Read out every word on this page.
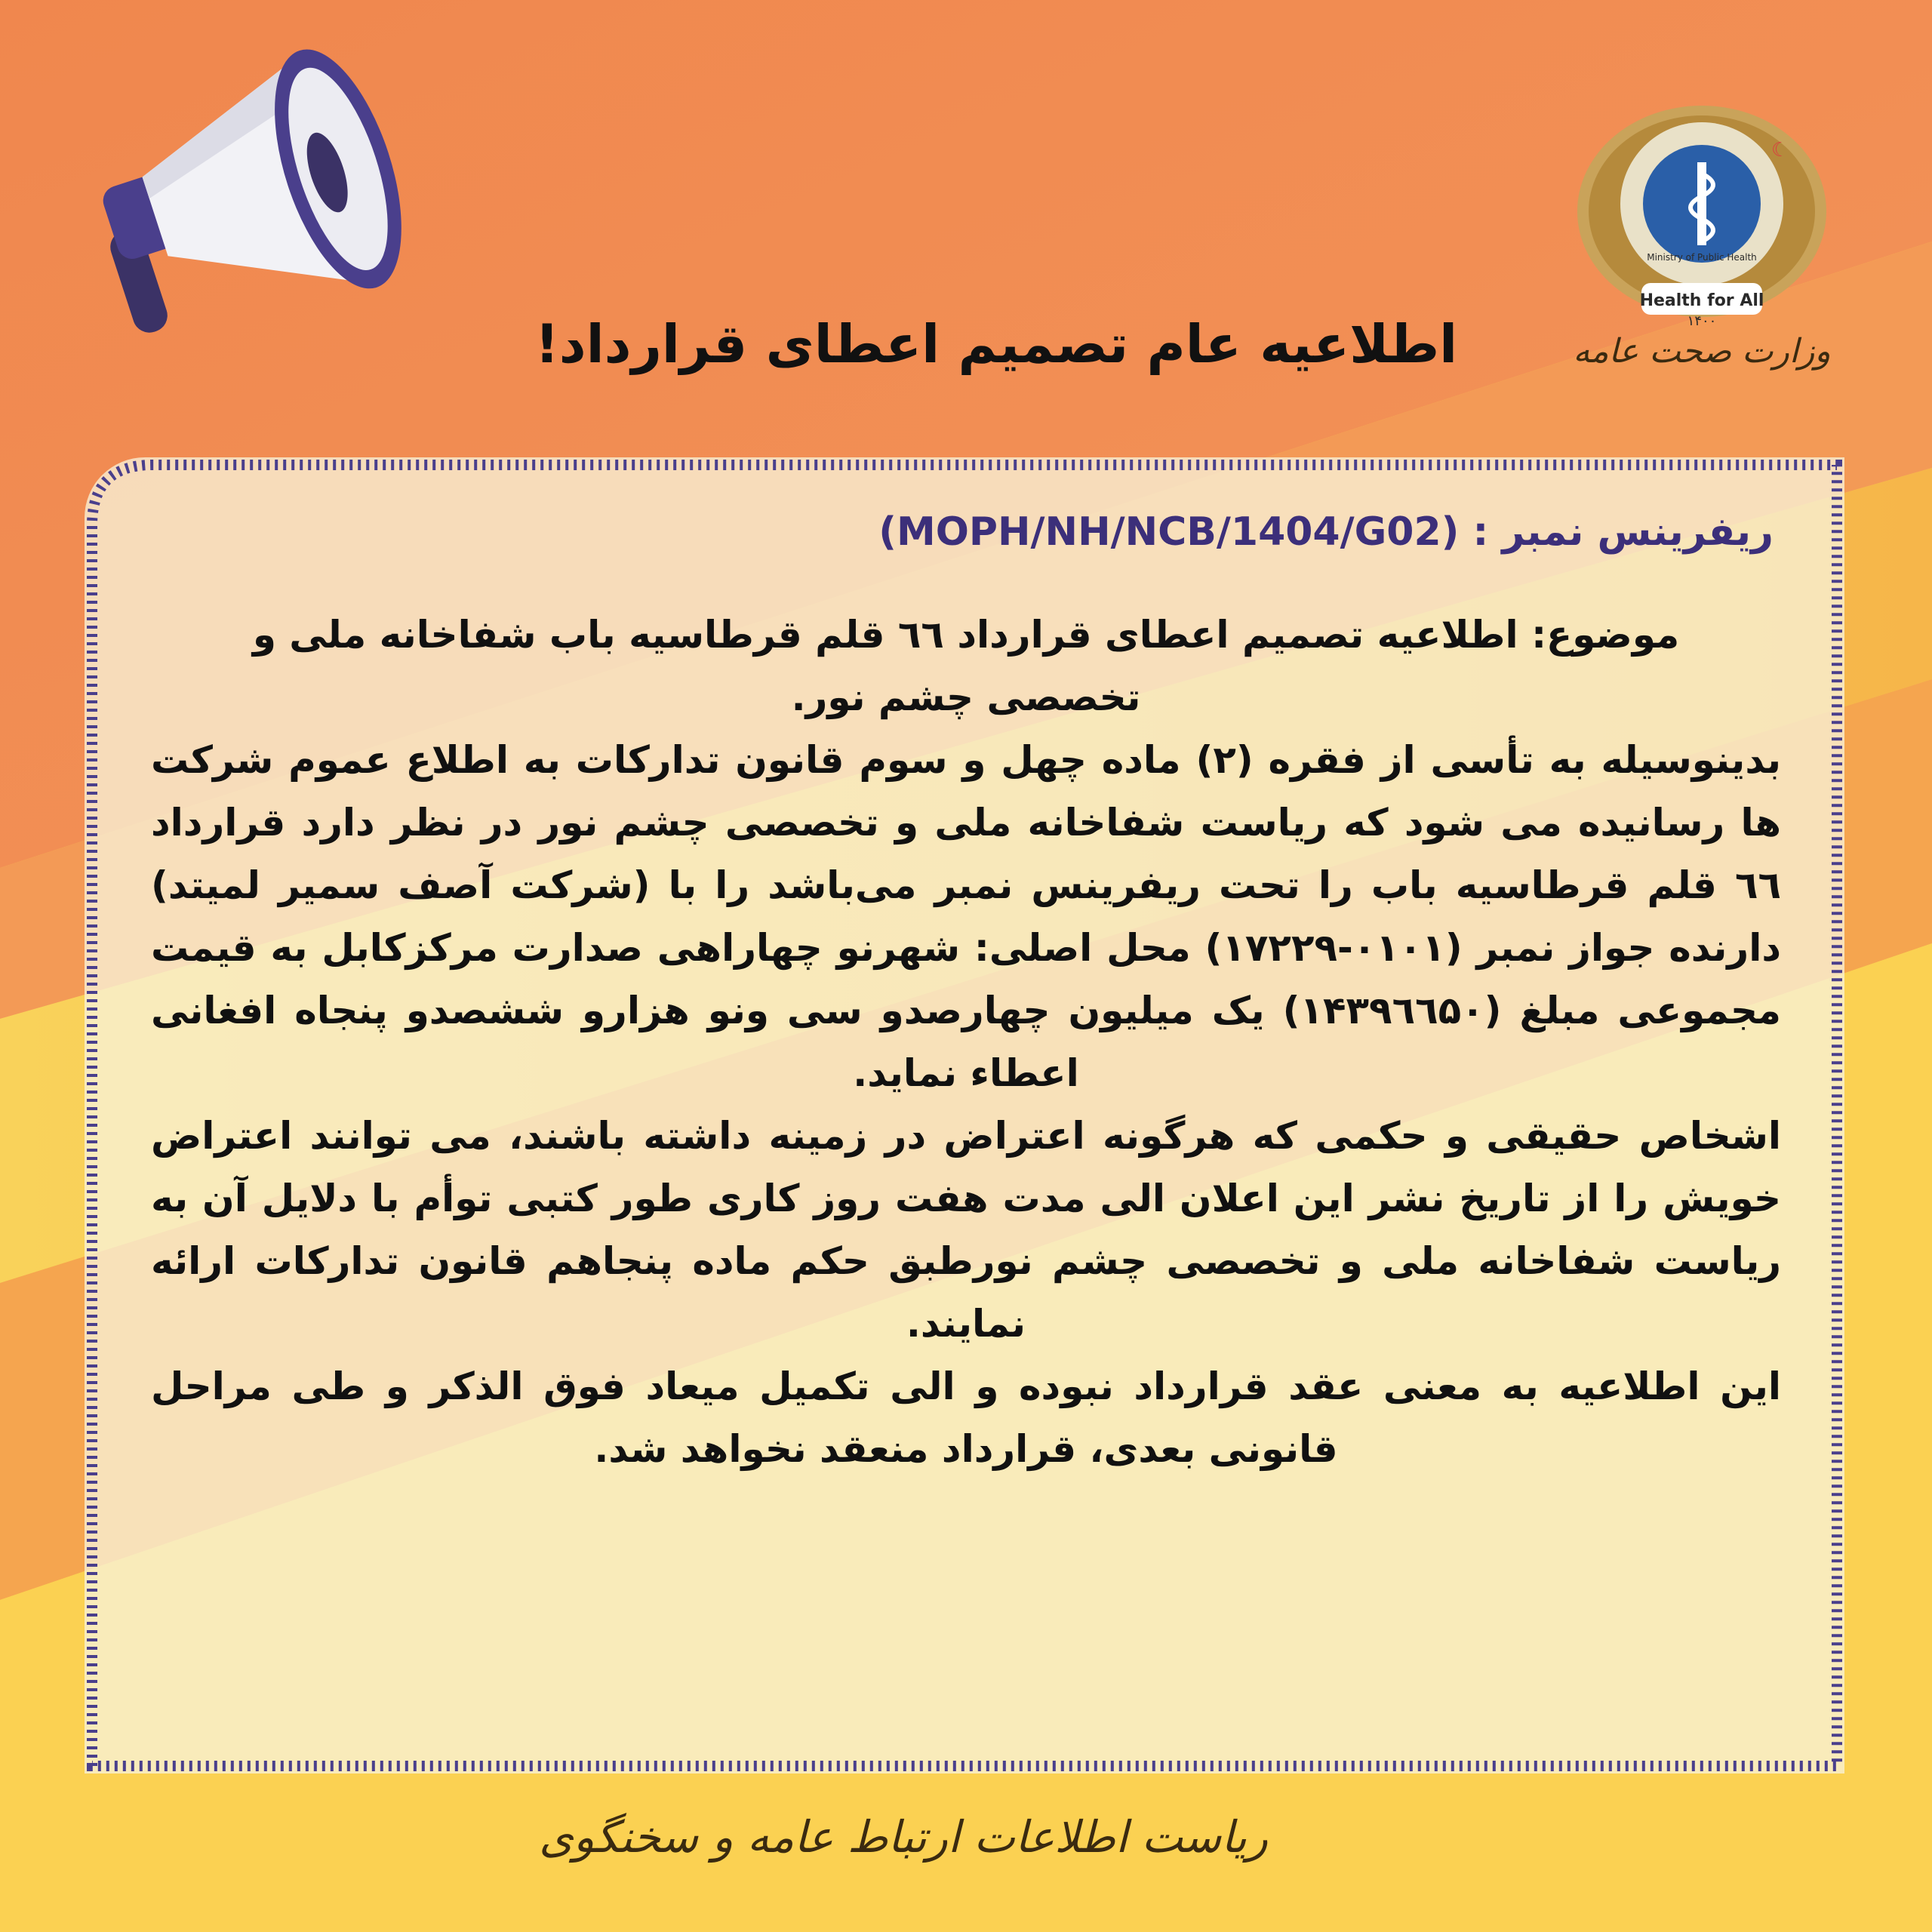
☾
Health for All
۱۴۰۰
Ministry of Public Health
وزارت صحت عامه
اطلاعیه عام تصمیم اعطای قرارداد!
ریفرینس نمبر : (MOPH/NH/NCB/1404/G02)

موضوع: اطلاعیه تصمیم اعطای قرارداد ٦٦ قلم قرطاسیه باب شفاخانه ملی و تخصصی چشم نور.

بدینوسیله به تأسی از فقره (۲) ماده چهل و سوم قانون تدارکات به اطلاع عموم شرکت ها رسانیده می شود که ریاست شفاخانه ملی و تخصصی چشم نور در نظر دارد قرارداد ٦٦ قلم قرطاسیه باب را تحت ریفرینس نمبر می‌باشد را با (شرکت آصف سمیر لمیتد) دارنده جواز نمبر (۰۱۰۱-۱۷۲۲۹) محل اصلی: شهرنو چهاراهی صدارت مرکزکابل به قیمت مجموعی مبلغ (۱۴۳۹٦٦۵۰) یک میلیون چهارصدو سی ونو هزارو ششصدو پنجاه افغانی اعطاء نماید.

اشخاص حقیقی و حکمی که هرگونه اعتراض در زمینه داشته باشند، می توانند اعتراض خویش را از تاریخ نشر این اعلان الی مدت هفت روز کاری طور کتبی توأم با دلایل آن به ریاست شفاخانه ملی و تخصصی چشم نورطبق حکم ماده پنجاهم قانون تدارکات ارائه نمایند.

این اطلاعیه به معنی عقد قرارداد نبوده و الی تکمیل میعاد فوق الذکر و طی مراحل قانونی بعدی، قرارداد منعقد نخواهد شد.

ریاست اطلاعات ارتباط عامه و سخنگوی
